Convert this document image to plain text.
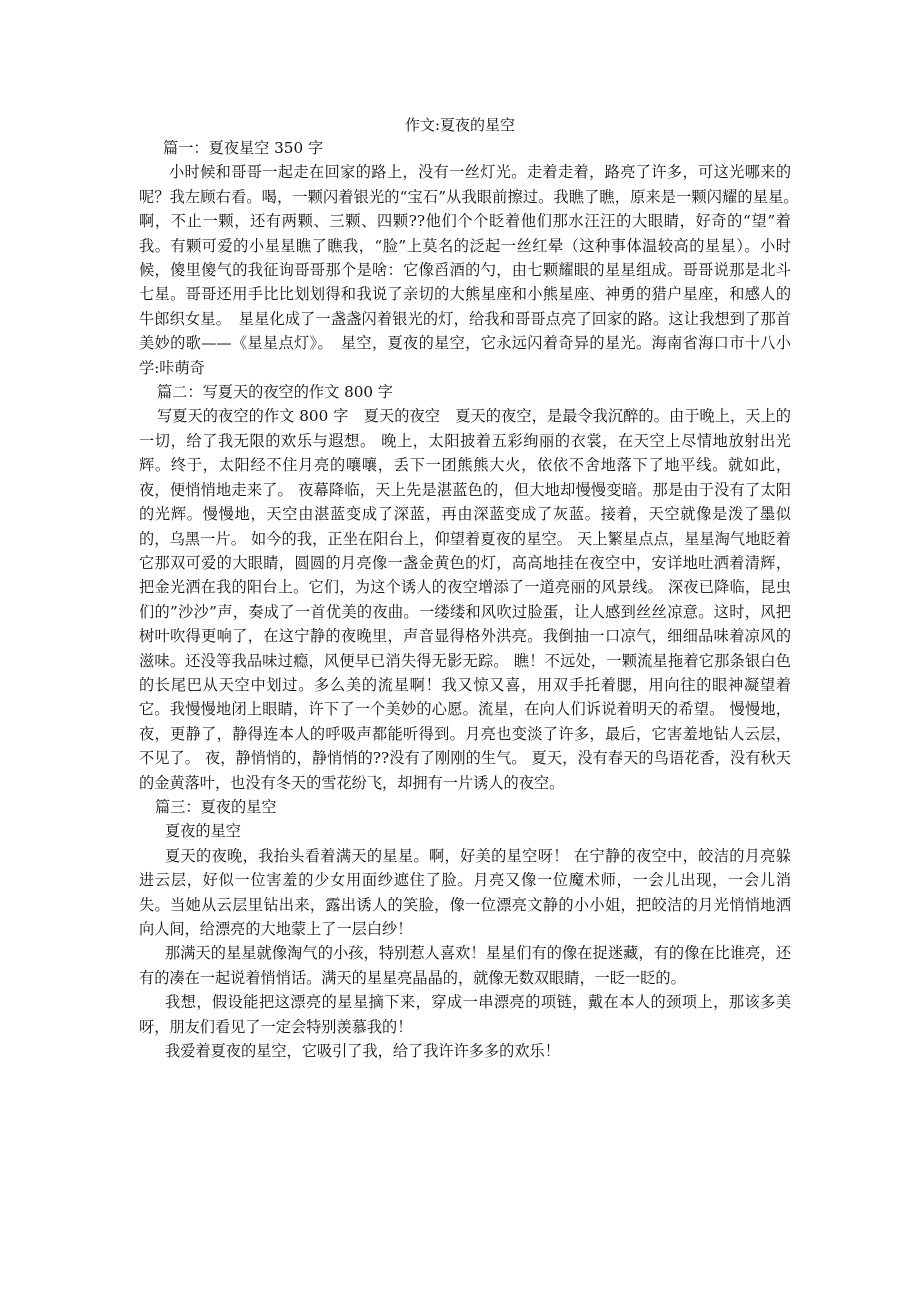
作文:夏夜的星空
篇一：夏夜星空 350 字

小时候和哥哥一起走在回家的路上，没有一丝灯光。走着走着，路亮了许多，可这光哪来的呢？我左顾右看。喝，一颗闪着银光的“宝石”从我眼前擦过。我瞧了瞧，原来是一颗闪耀的星星。　啊，不止一颗，还有两颗、三颗、四颗??他们个个眨着他们那水汪汪的大眼睛，好奇的“望”着我。有颗可爱的小星星瞧了瞧我，“脸”上莫名的泛起一丝红晕（这种事体温较高的星星）。小时候，傻里傻气的我征询哥哥那个是啥：它像舀酒的勺，由七颗耀眼的星星组成。哥哥说那是北斗七星。哥哥还用手比比划划得和我说了亲切的大熊星座和小熊星座、神勇的猎户星座，和感人的牛郎织女星。　星星化成了一盏盏闪着银光的灯，给我和哥哥点亮了回家的路。这让我想到了那首美妙的歌——《星星点灯》。　星空，夏夜的星空，它永远闪着奇异的星光。海南省海口市十八小学:咔萌奇

篇二：写夏天的夜空的作文 800 字

写夏天的夜空的作文 800 字　夏天的夜空　夏天的夜空，是最令我沉醉的。由于晚上，天上的一切，给了我无限的欢乐与遐想。 晚上，太阳披着五彩绚丽的衣裳，在天空上尽情地放射出光辉。终于，太阳经不住月亮的嚷嚷，丢下一团熊熊大火，依依不舍地落下了地平线。就如此，夜，便悄悄地走来了。 夜幕降临，天上先是湛蓝色的，但大地却慢慢变暗。那是由于没有了太阳的光辉。慢慢地，天空由湛蓝变成了深蓝，再由深蓝变成了灰蓝。接着，天空就像是泼了墨似的，乌黑一片。 如今的我，正坐在阳台上，仰望着夏夜的星空。 天上繁星点点，星星淘气地眨着它那双可爱的大眼睛，圆圆的月亮像一盏金黄色的灯，高高地挂在夜空中，安详地吐洒着清辉，把金光洒在我的阳台上。它们，为这个诱人的夜空增添了一道亮丽的风景线。 深夜已降临，昆虫们的”沙沙”声，奏成了一首优美的夜曲。一缕缕和风吹过脸蛋，让人感到丝丝凉意。这时，风把树叶吹得更响了，在这宁静的夜晚里，声音显得格外洪亮。我倒抽一口凉气，细细品味着凉风的滋味。还没等我品味过瘾，风便早已消失得无影无踪。 瞧！不远处，一颗流星拖着它那条银白色的长尾巴从天空中划过。多么美的流星啊！我又惊又喜，用双手托着腮，用向往的眼神凝望着它。我慢慢地闭上眼睛，许下了一个美妙的心愿。流星，在向人们诉说着明天的希望。 慢慢地，夜，更静了，静得连本人的呼吸声都能听得到。月亮也变淡了许多，最后，它害羞地钻人云层，不见了。 夜，静悄悄的，静悄悄的??没有了刚刚的生气。 夏天，没有春天的鸟语花香，没有秋天的金黄落叶，也没有冬天的雪花纷飞，却拥有一片诱人的夜空。

篇三：夏夜的星空
夏夜的星空

夏天的夜晚，我抬头看着满天的星星。啊，好美的星空呀！ 在宁静的夜空中，皎洁的月亮躲进云层，好似一位害羞的少女用面纱遮住了脸。月亮又像一位魔术师，一会儿出现，一会儿消失。当她从云层里钻出来，露出诱人的笑脸，像一位漂亮文静的小小姐，把皎洁的月光悄悄地洒向人间，给漂亮的大地蒙上了一层白纱！

那满天的星星就像淘气的小孩，特别惹人喜欢！星星们有的像在捉迷藏，有的像在比谁亮，还有的凑在一起说着悄悄话。满天的星星亮晶晶的，就像无数双眼睛，一眨一眨的。

我想，假设能把这漂亮的星星摘下来，穿成一串漂亮的项链，戴在本人的颈项上，那该多美呀，朋友们看见了一定会特别羡慕我的！

我爱着夏夜的星空，它吸引了我，给了我许许多多的欢乐！
